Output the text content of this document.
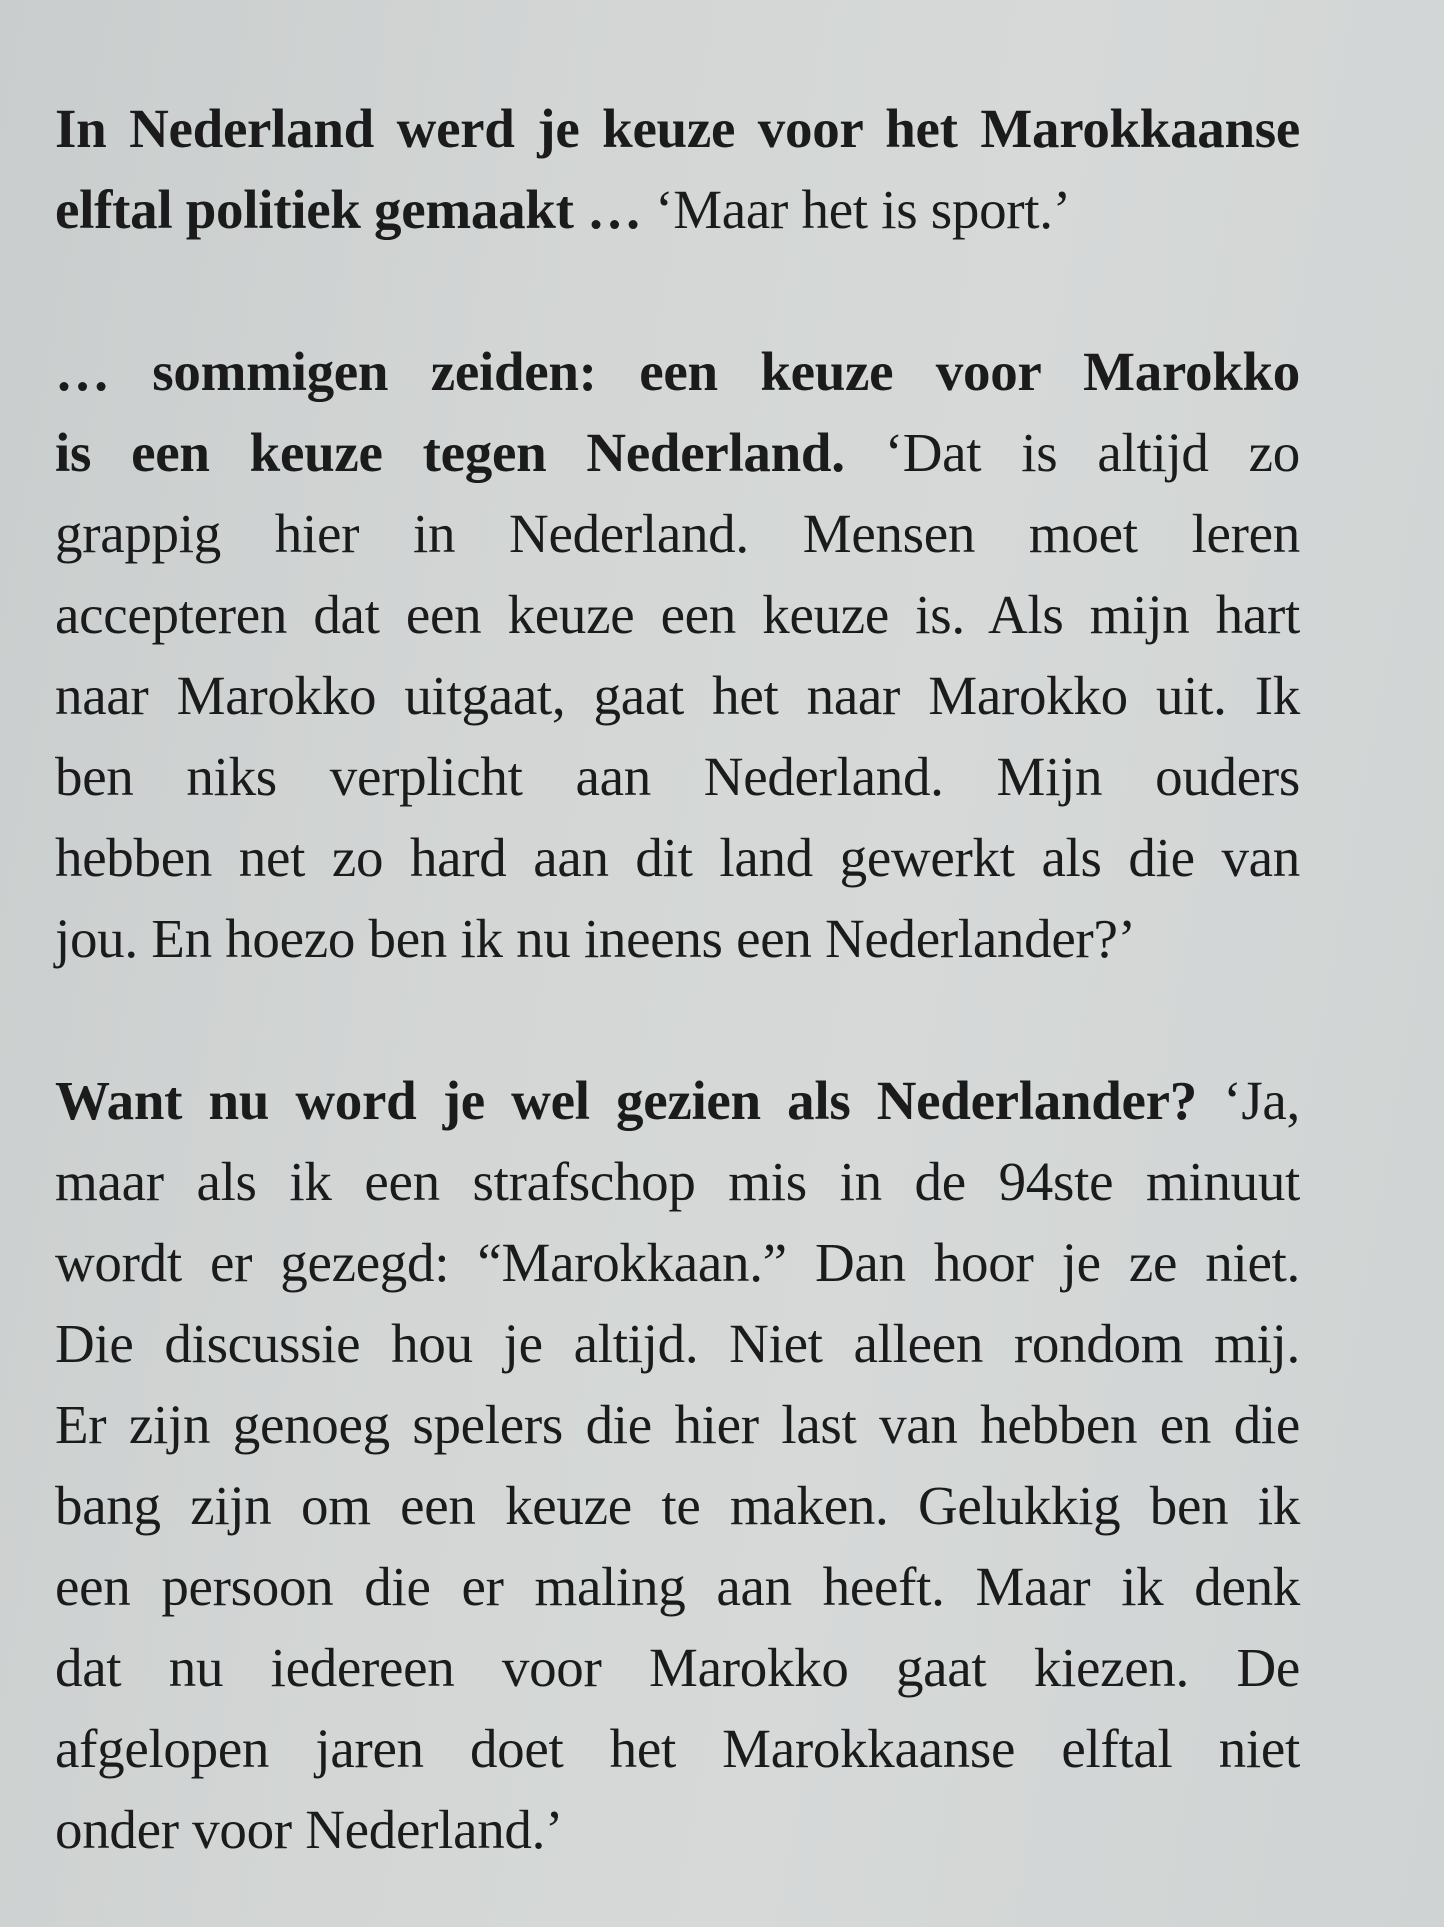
In Nederland werd je keuze voor het Marokkaanse
elftal politiek gemaakt … ‘Maar het is sport.’

… sommigen zeiden: een keuze voor Marokko
is een keuze tegen Nederland. ‘Dat is altijd zo
grappig hier in Nederland. Mensen moet leren
accepteren dat een keuze een keuze is. Als mijn hart
naar Marokko uitgaat, gaat het naar Marokko uit. Ik
ben niks verplicht aan Nederland. Mijn ouders
hebben net zo hard aan dit land gewerkt als die van
jou. En hoezo ben ik nu ineens een Nederlander?’

Want nu word je wel gezien als Nederlander? ‘Ja,
maar als ik een strafschop mis in de 94ste minuut
wordt er gezegd: “Marokkaan.” Dan hoor je ze niet.
Die discussie hou je altijd. Niet alleen rondom mij.
Er zijn genoeg spelers die hier last van hebben en die
bang zijn om een keuze te maken. Gelukkig ben ik
een persoon die er maling aan heeft. Maar ik denk
dat nu iedereen voor Marokko gaat kiezen. De
afgelopen jaren doet het Marokkaanse elftal niet
onder voor Nederland.’
